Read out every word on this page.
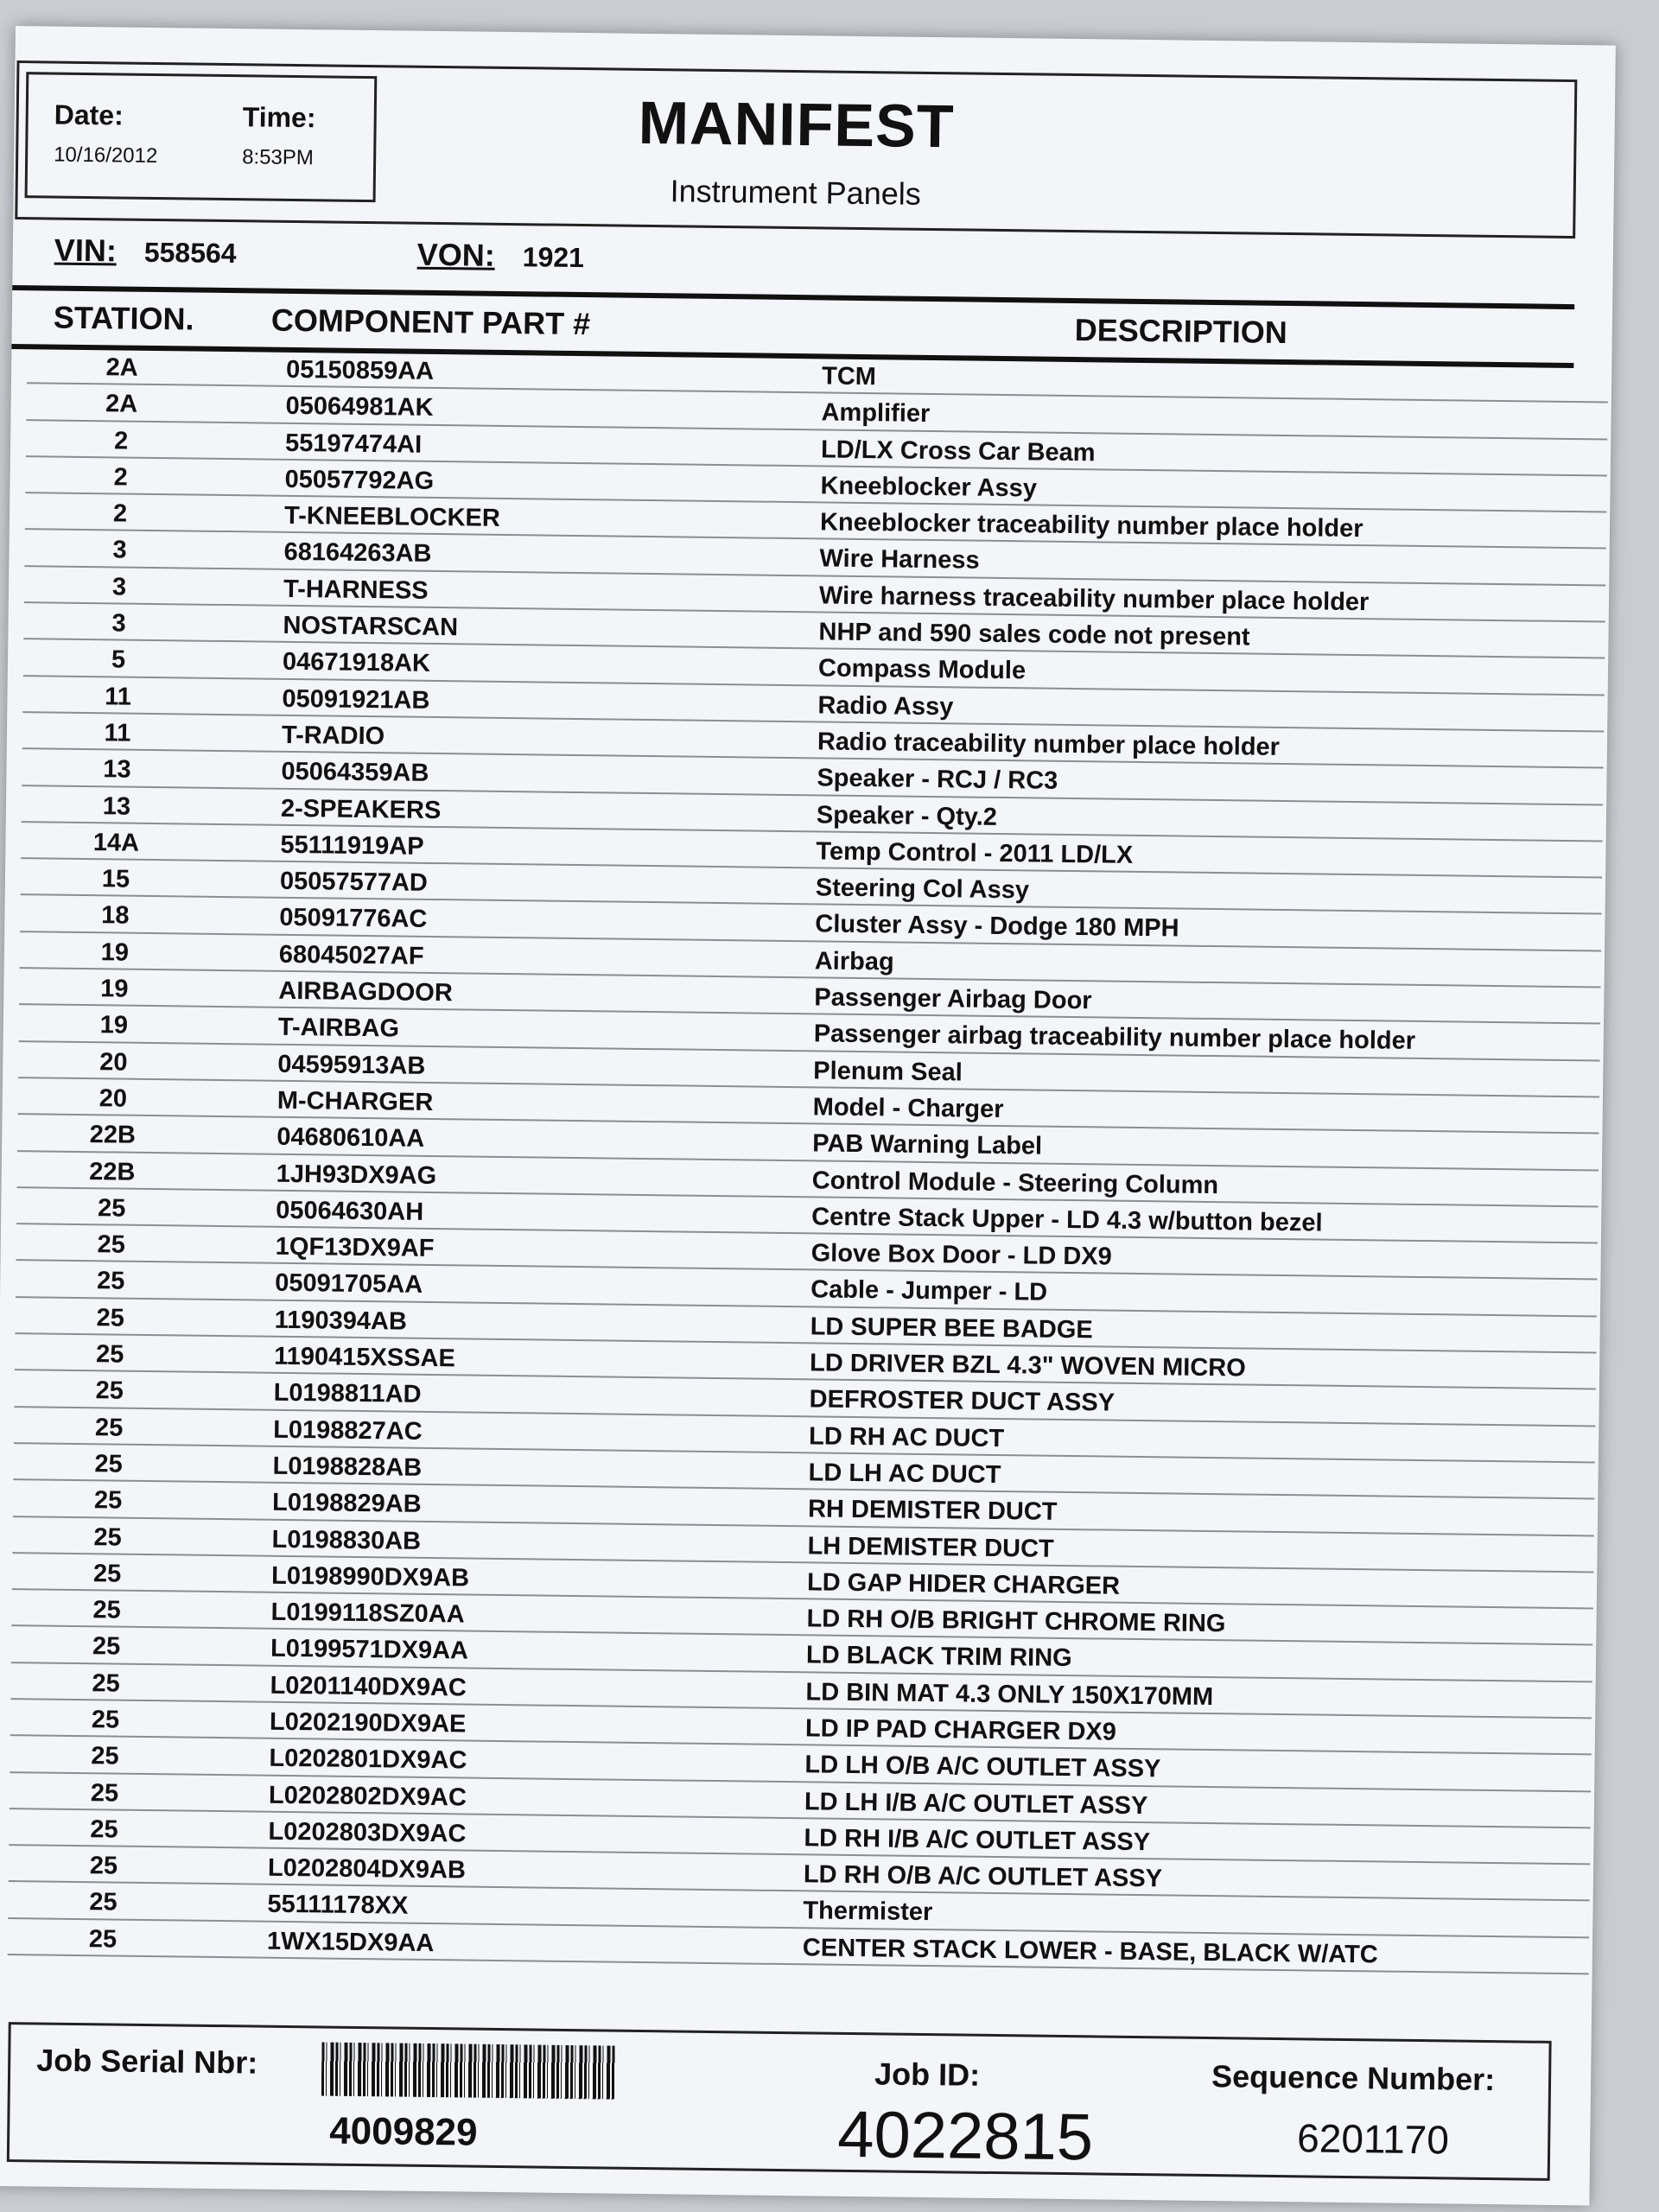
Date:
10/16/2012
Time:
8:53PM	MANIFEST
Instrument Panels
VIN: 558564	VON: 1921
STATION. COMPONENT PART #	DESCRIPTION
2A	05150859AA	TCM
2A	05064981AK	Amplifier
2	55197474AI	LD/LX Cross Car Beam
2	05057792AG	Kneeblocker Assy
2	T-KNEEBLOCKER	Kneeblocker traceability number place holder
3	68164263AB	Wire Harness
3	T-HARNESS	Wire harness traceability number place holder
3	NOSTARSCAN	NHP and 590 sales code not present
5	04671918AK	Compass Module
11	05091921AB	Radio Assy
11	T-RADIO	Radio traceability number place holder
13	05064359AB	Speaker - RCJ / RC3
13	2-SPEAKERS	Speaker - Qty.2
14A	55111919AP	Temp Control - 2011 LD/LX
15	05057577AD	Steering Col Assy
18	05091776AC	Cluster Assy - Dodge 180 MPH
19	68045027AF	Airbag
19	AIRBAGDOOR	Passenger Airbag Door
19	T-AIRBAG	Passenger airbag traceability number place holder
20	04595913AB	Plenum Seal
20	M-CHARGER	Model - Charger
22B	04680610AA	PAB Warning Label
22B	1JH93DX9AG	Control Module - Steering Column
25	05064630AH	Centre Stack Upper - LD 4.3 w/button bezel
25	1QF13DX9AF	Glove Box Door - LD DX9
25	05091705AA	Cable - Jumper - LD
25	1190394AB	LD SUPER BEE BADGE
25	1190415XSSAE	LD DRIVER BZL 4.3" WOVEN MICRO
25	L0198811AD	DEFROSTER DUCT ASSY
25	L0198827AC	LD RH AC DUCT
25	L0198828AB	LD LH AC DUCT
25	L0198829AB	RH DEMISTER DUCT
25	L0198830AB	LH DEMISTER DUCT
25	L0198990DX9AB	LD GAP HIDER CHARGER
25	L0199118SZ0AA	LD RH O/B BRIGHT CHROME RING
25	L0199571DX9AA	LD BLACK TRIM RING
25	L0201140DX9AC	LD BIN MAT 4.3 ONLY 150X170MM
25	L0202190DX9AE	LD IP PAD CHARGER DX9
25	L0202801DX9AC	LD LH O/B A/C OUTLET ASSY
25	L0202802DX9AC	LD LH I/B A/C OUTLET ASSY
25	L0202803DX9AC	LD RH I/B A/C OUTLET ASSY
25	L0202804DX9AB	LD RH O/B A/C OUTLET ASSY
25	55111178XX	Thermister
25	1WX15DX9AA	CENTER STACK LOWER - BASE, BLACK W/ATC
Job Serial Nbr:
4009829
Job ID:
4022815
Sequence Number:
6201170
